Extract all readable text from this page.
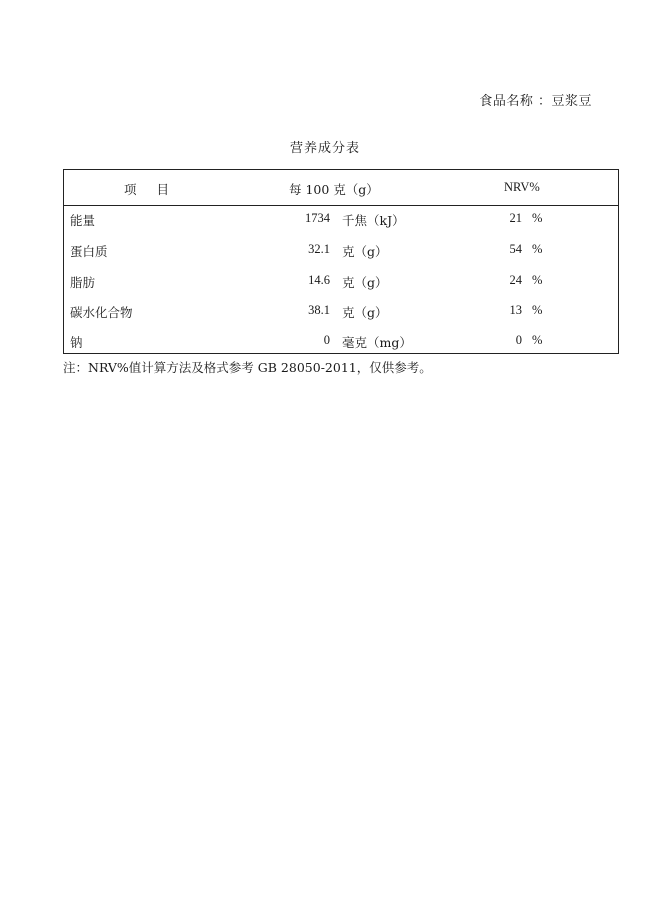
食品名称 ：豆浆豆
营养成分表
项目	每 100 克（g）	NRV%
能量	1734 千焦（kJ）	21 %
蛋白质	32.1 克（g）	54 %
脂肪	14.6 克（g）	24 %
碳水化合物	38.1 克（g）	13 %
钠	0 毫克（mg）	0 %
注：NRV%值计算方法及格式参考 GB 28050-2011，仅供参考。
